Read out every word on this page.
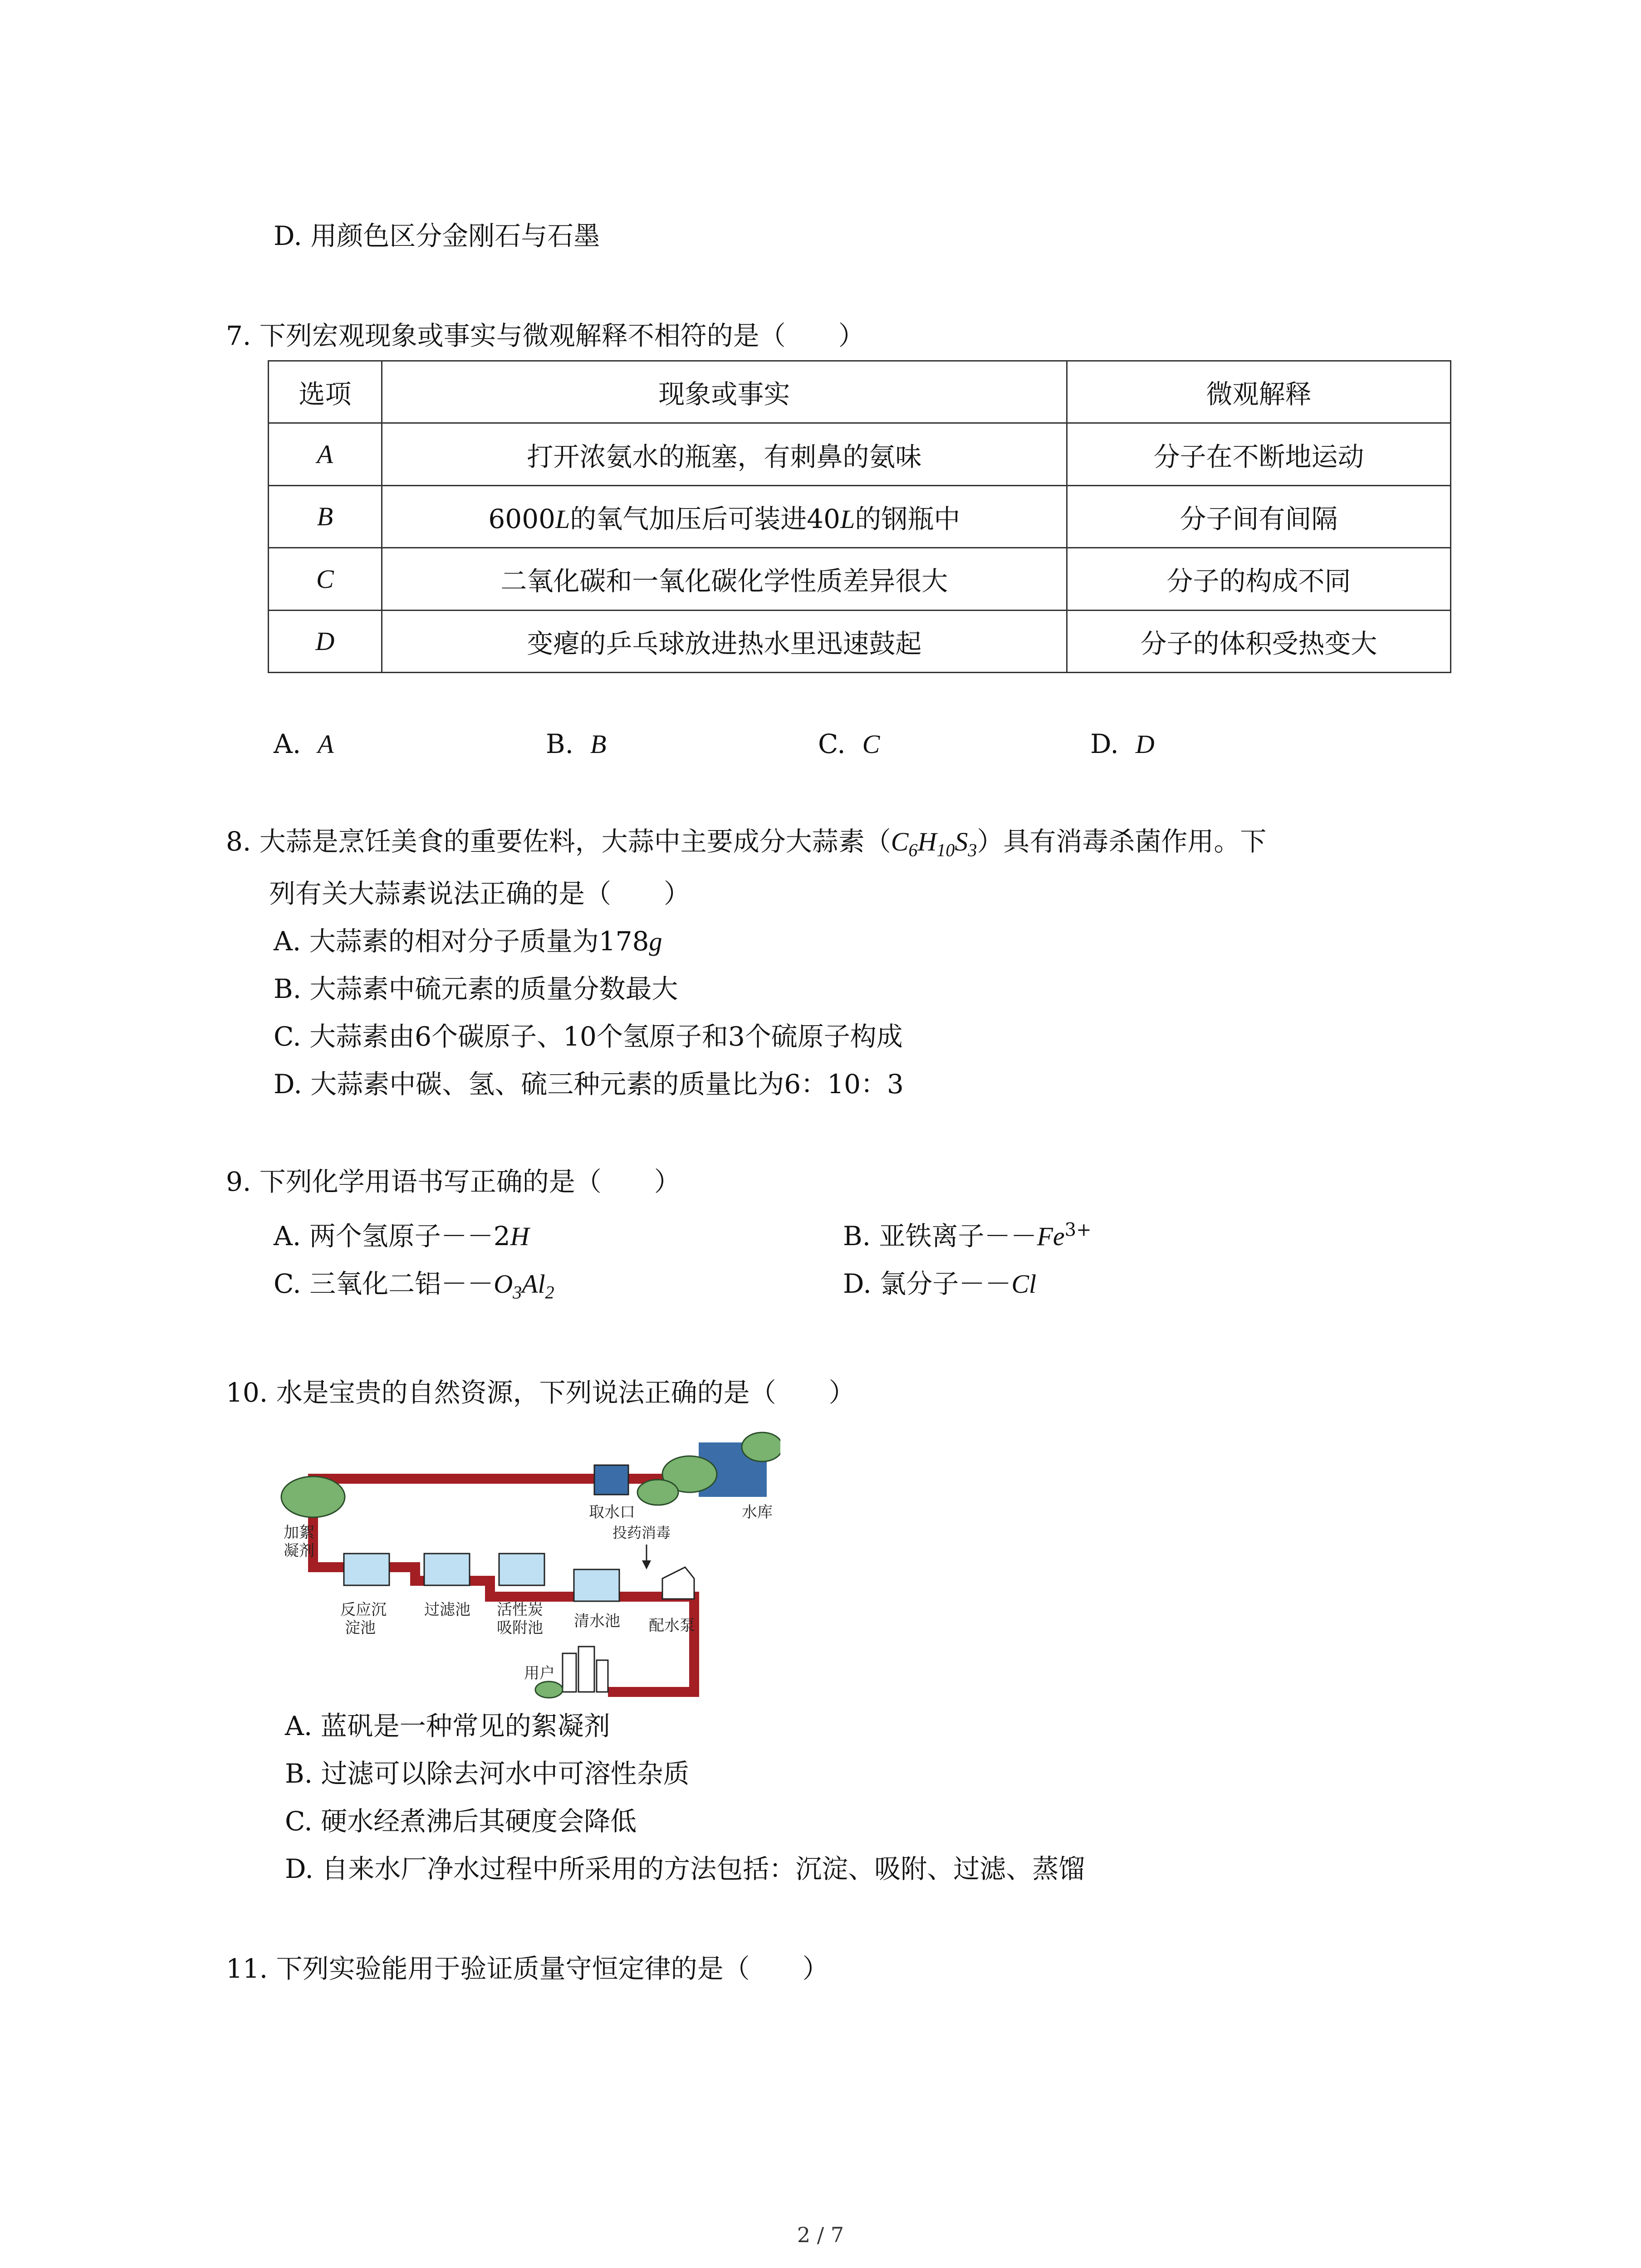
D. 用颜色区分金刚石与石墨
7. 下列宏观现象或事实与微观解释不相符的是（　　）
选项	现象或事实	微观解释
A	打开浓氨水的瓶塞，有刺鼻的氨味	分子在不断地运动
B	6000L的氧气加压后可装进40L的钢瓶中	分子间有间隔
C	二氧化碳和一氧化碳化学性质差异很大	分子的构成不同
D	变瘪的乒乓球放进热水里迅速鼓起	分子的体积受热变大
A. A	B. B	C. C	D. D
8. 大蒜是烹饪美食的重要佐料，大蒜中主要成分大蒜素$(C_6H_{10}S_3)$具有消毒杀菌作用。下
列有关大蒜素说法正确的是（　　）
A. 大蒜素的相对分子质量为178g
B. 大蒜素中硫元素的质量分数最大
C. 大蒜素由6个碳原子、10个氢原子和3个硫原子构成
D. 大蒜素中碳、氢、硫三种元素的质量比为6：10：3
9. 下列化学用语书写正确的是（　　）
A. 两个氢原子－－2H	B. 亚铁离子$--Fe^{3+}$
C. 三氧化二铝$--O_3Al_2$	D. 氯分子－－Cl
10. 水是宝贵的自然资源，下列说法正确的是（　　）
水库
取水口
加絮
凝剂
反应沉
淀池
过滤池 活性炭
吸附池 清水池 配水泵
投药消毒
用户
A. 蓝矾是一种常见的絮凝剂
B. 过滤可以除去河水中可溶性杂质
C. 硬水经煮沸后其硬度会降低
D. 自来水厂净水过程中所采用的方法包括：沉淀、吸附、过滤、蒸馏
11. 下列实验能用于验证质量守恒定律的是（　　）
2 / 7
